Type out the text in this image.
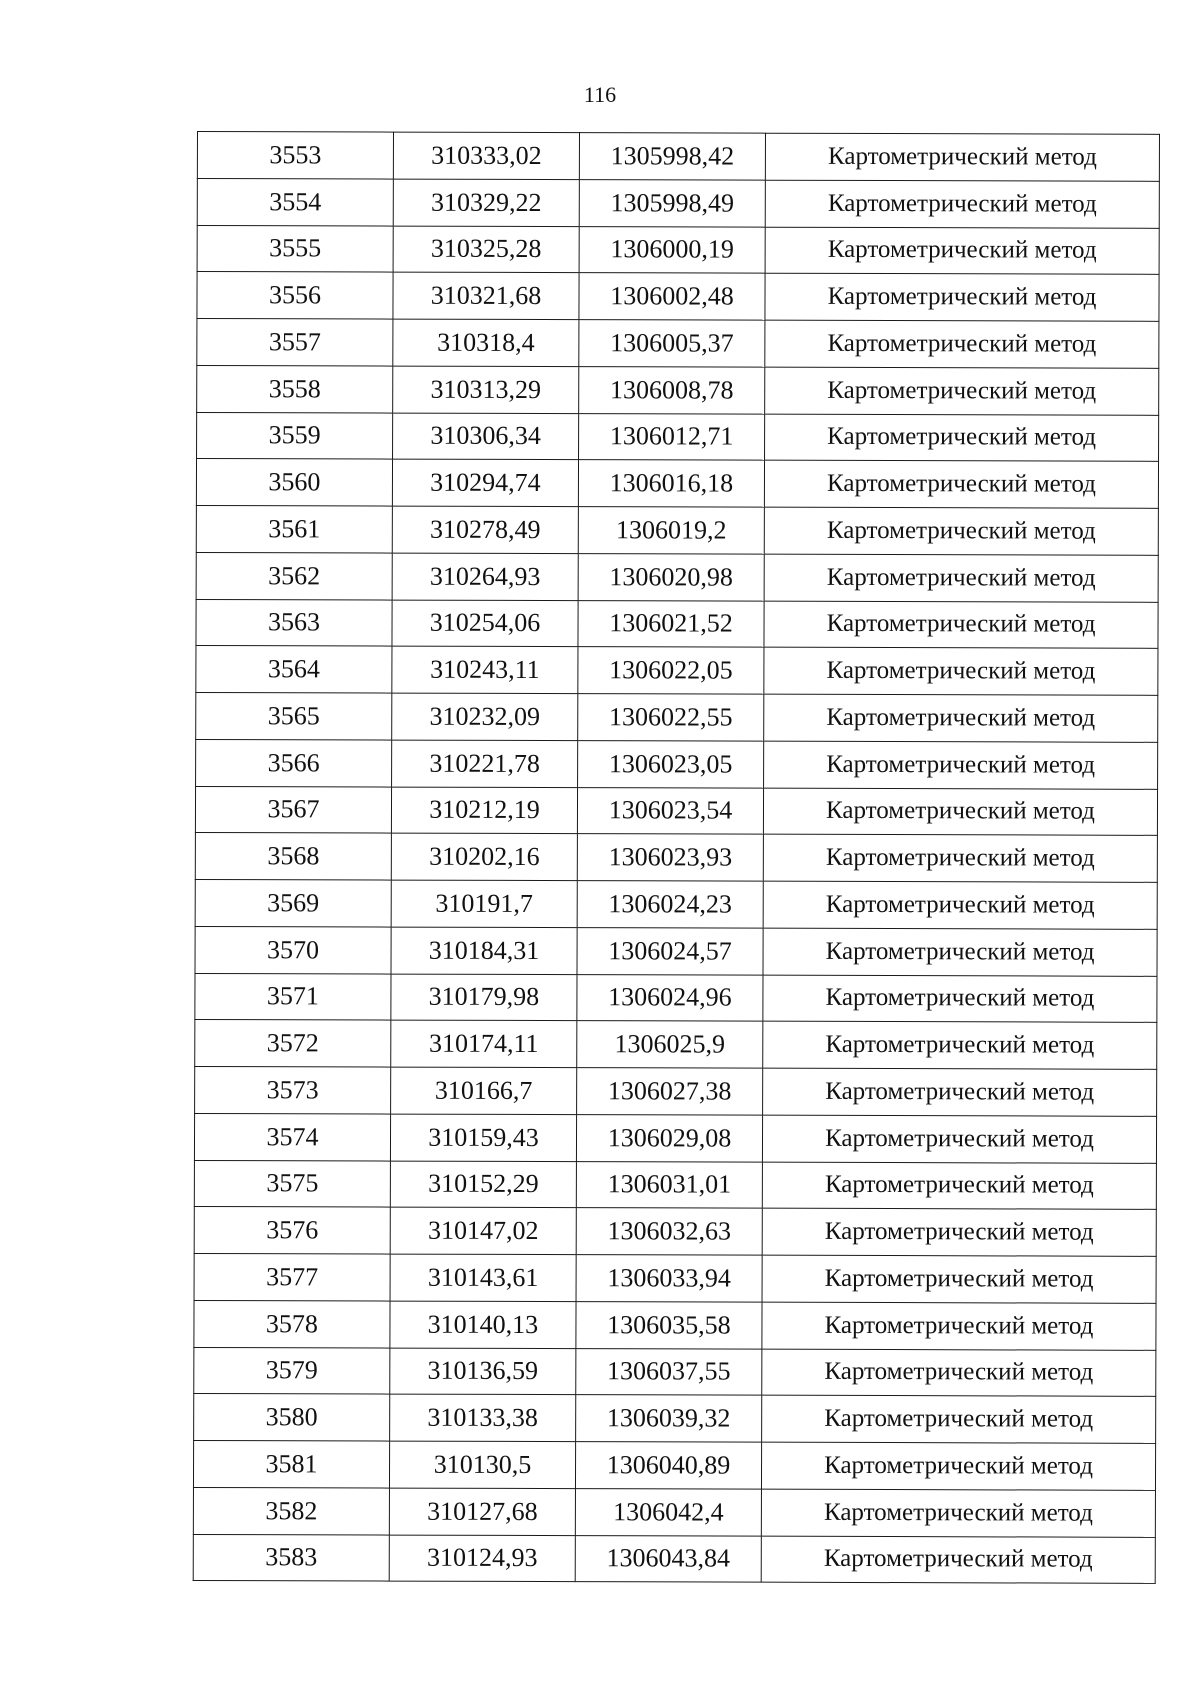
116
3553	310333,02	1305998,42	Картометрический метод
3554	310329,22	1305998,49	Картометрический метод
3555	310325,28	1306000,19	Картометрический метод
3556	310321,68	1306002,48	Картометрический метод
3557	310318,4	1306005,37	Картометрический метод
3558	310313,29	1306008,78	Картометрический метод
3559	310306,34	1306012,71	Картометрический метод
3560	310294,74	1306016,18	Картометрический метод
3561	310278,49	1306019,2	Картометрический метод
3562	310264,93	1306020,98	Картометрический метод
3563	310254,06	1306021,52	Картометрический метод
3564	310243,11	1306022,05	Картометрический метод
3565	310232,09	1306022,55	Картометрический метод
3566	310221,78	1306023,05	Картометрический метод
3567	310212,19	1306023,54	Картометрический метод
3568	310202,16	1306023,93	Картометрический метод
3569	310191,7	1306024,23	Картометрический метод
3570	310184,31	1306024,57	Картометрический метод
3571	310179,98	1306024,96	Картометрический метод
3572	310174,11	1306025,9	Картометрический метод
3573	310166,7	1306027,38	Картометрический метод
3574	310159,43	1306029,08	Картометрический метод
3575	310152,29	1306031,01	Картометрический метод
3576	310147,02	1306032,63	Картометрический метод
3577	310143,61	1306033,94	Картометрический метод
3578	310140,13	1306035,58	Картометрический метод
3579	310136,59	1306037,55	Картометрический метод
3580	310133,38	1306039,32	Картометрический метод
3581	310130,5	1306040,89	Картометрический метод
3582	310127,68	1306042,4	Картометрический метод
3583	310124,93	1306043,84	Картометрический метод
